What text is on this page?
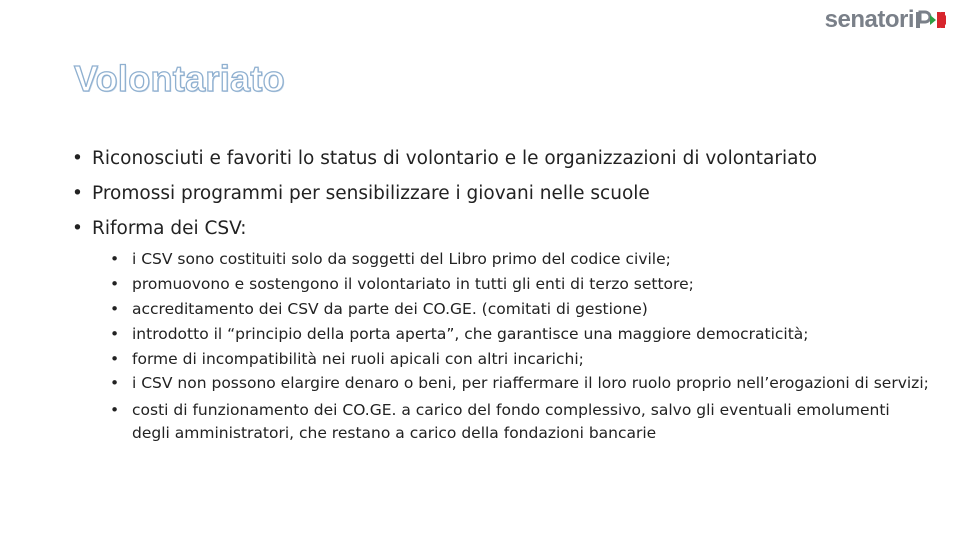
senatori
Volontariato
• Riconosciuti e favoriti lo status di volontario e le organizzazioni di volontariato
• Promossi programmi per sensibilizzare i giovani nelle scuole
• Riforma dei CSV:
• i CSV sono costituiti solo da soggetti del Libro primo del codice civile;
• promuovono e sostengono il volontariato in tutti gli enti di terzo settore;
• accreditamento dei CSV da parte dei CO.GE. (comitati di gestione)
• introdotto il “principio della porta aperta”, che garantisce una maggiore democraticità;
• forme di incompatibilità nei ruoli apicali con altri incarichi;
• i CSV non possono elargire denaro o beni, per riaffermare il loro ruolo proprio nell’erogazioni di servizi;
• costi di funzionamento dei CO.GE. a carico del fondo complessivo, salvo gli eventuali emolumenti degli amministratori, che restano a carico della fondazioni bancarie
